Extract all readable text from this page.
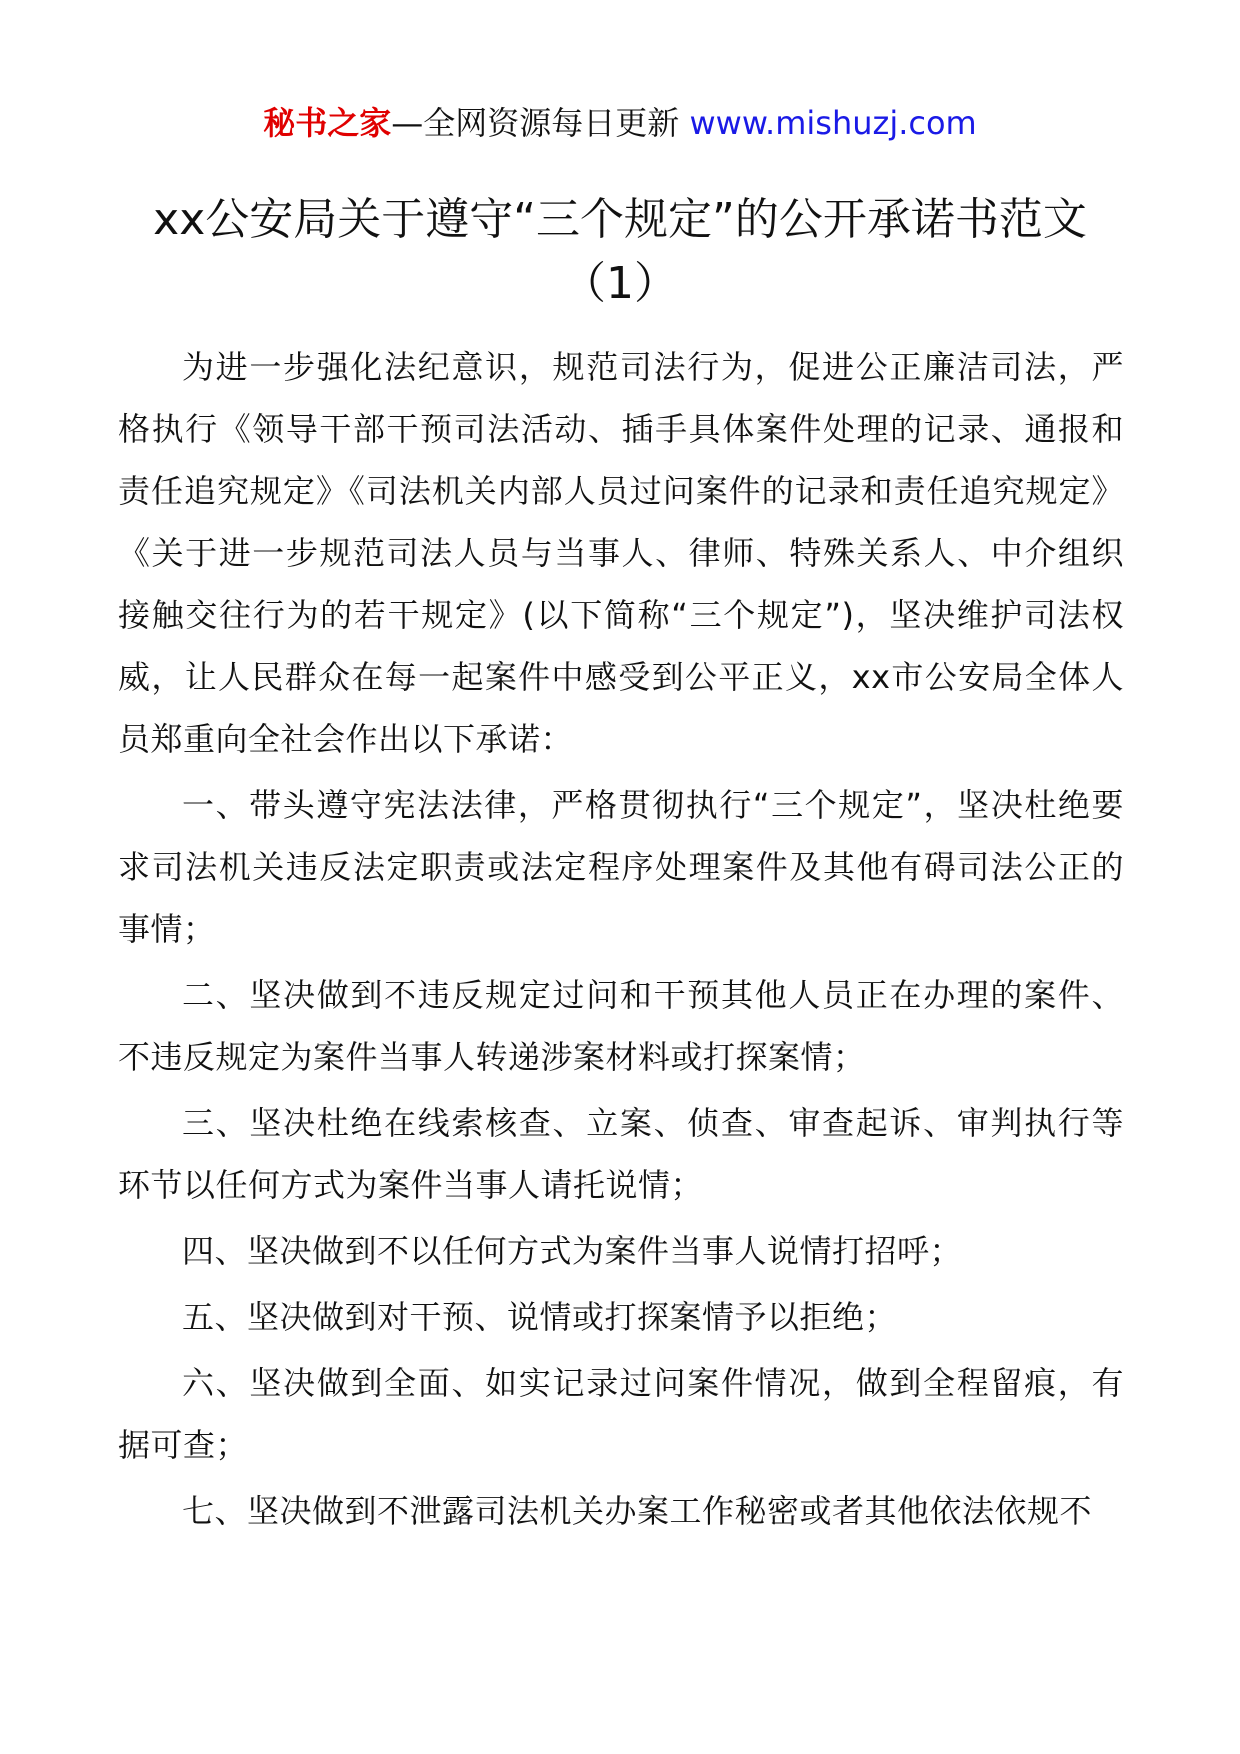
秘书之家—全网资源每日更新 www.mishuzj.com
xx公安局关于遵守“三个规定”的公开承诺书范文（1）

为进一步强化法纪意识，规范司法行为，促进公正廉洁司法，严格执行《领导干部干预司法活动、插手具体案件处理的记录、通报和责任追究规定》《司法机关内部人员过问案件的记录和责任追究规定》《关于进一步规范司法人员与当事人、律师、特殊关系人、中介组织接触交往行为的若干规定》(以下简称“三个规定”)，坚决维护司法权威，让人民群众在每一起案件中感受到公平正义，xx市公安局全体人员郑重向全社会作出以下承诺：

一、带头遵守宪法法律，严格贯彻执行“三个规定”，坚决杜绝要求司法机关违反法定职责或法定程序处理案件及其他有碍司法公正的事情；

二、坚决做到不违反规定过问和干预其他人员正在办理的案件、不违反规定为案件当事人转递涉案材料或打探案情；

三、坚决杜绝在线索核查、立案、侦查、审查起诉、审判执行等环节以任何方式为案件当事人请托说情；

四、坚决做到不以任何方式为案件当事人说情打招呼；

五、坚决做到对干预、说情或打探案情予以拒绝；

六、坚决做到全面、如实记录过问案件情况，做到全程留痕，有据可查；

七、坚决做到不泄露司法机关办案工作秘密或者其他依法依规不
